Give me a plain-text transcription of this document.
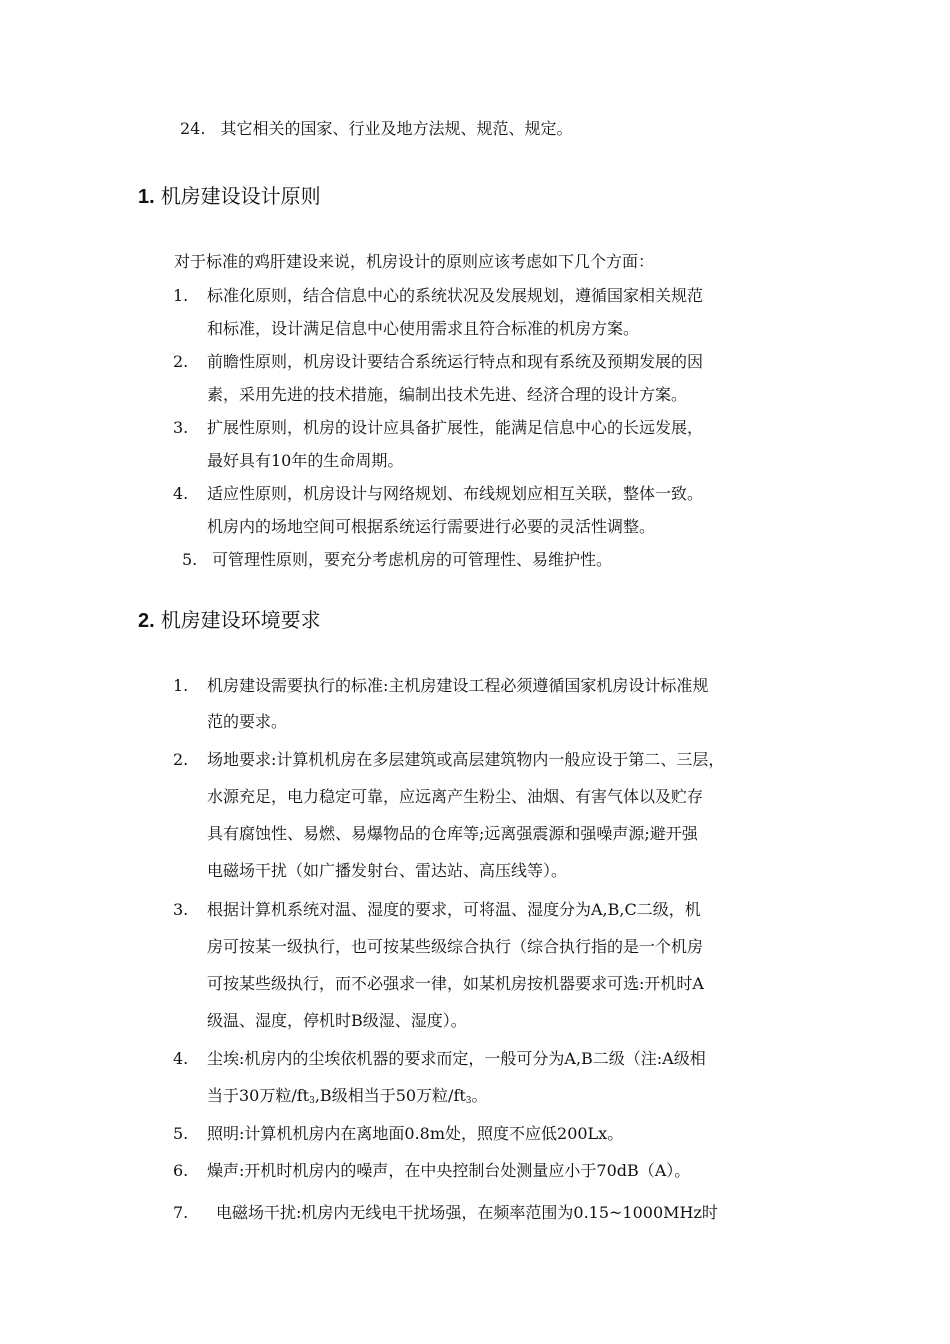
24. 其它相关的国家、行业及地方法规、规范、规定。
1. 机房建设设计原则
对于标准的鸡肝建设来说，机房设计的原则应该考虑如下几个方面：
1. 标准化原则，结合信息中心的系统状况及发展规划，遵循国家相关规范
和标准，设计满足信息中心使用需求且符合标准的机房方案。
2. 前瞻性原则，机房设计要结合系统运行特点和现有系统及预期发展的因
素，采用先进的技术措施，编制出技术先进、经济合理的设计方案。
3. 扩展性原则，机房的设计应具备扩展性，能满足信息中心的长远发展，
最好具有10年的生命周期。
4. 适应性原则，机房设计与网络规划、布线规划应相互关联，整体一致。
机房内的场地空间可根据系统运行需要进行必要的灵活性调整。
5. 可管理性原则，要充分考虑机房的可管理性、易维护性。
2. 机房建设环境要求
1. 机房建设需要执行的标准:主机房建设工程必须遵循国家机房设计标准规
范的要求。
2. 场地要求:计算机机房在多层建筑或高层建筑物内一般应设于第二、三层，
水源充足，电力稳定可靠，应远离产生粉尘、油烟、有害气体以及贮存
具有腐蚀性、易燃、易爆物品的仓库等;远离强震源和强噪声源;避开强
电磁场干扰（如广播发射台、雷达站、高压线等）。
3. 根据计算机系统对温、湿度的要求，可将温、湿度分为A,B,C二级，机
房可按某一级执行，也可按某些级综合执行（综合执行指的是一个机房
可按某些级执行，而不必强求一律，如某机房按机器要求可选:开机时A
级温、湿度，停机时B级湿、湿度）。
4. 尘埃:机房内的尘埃依机器的要求而定，一般可分为A,B二级（注:A级相
当于30万粒$/ft_3,B$级相当于50万粒$/ft_3$。
5. 照明:计算机机房内在离地面0.8m处，照度不应低200Lx。
6. 燥声:开机时机房内的噪声，在中央控制台处测量应小于70dB（A）。
7. 电磁场干扰:机房内无线电干扰场强，在频率范围为0.15~1000MHz时
